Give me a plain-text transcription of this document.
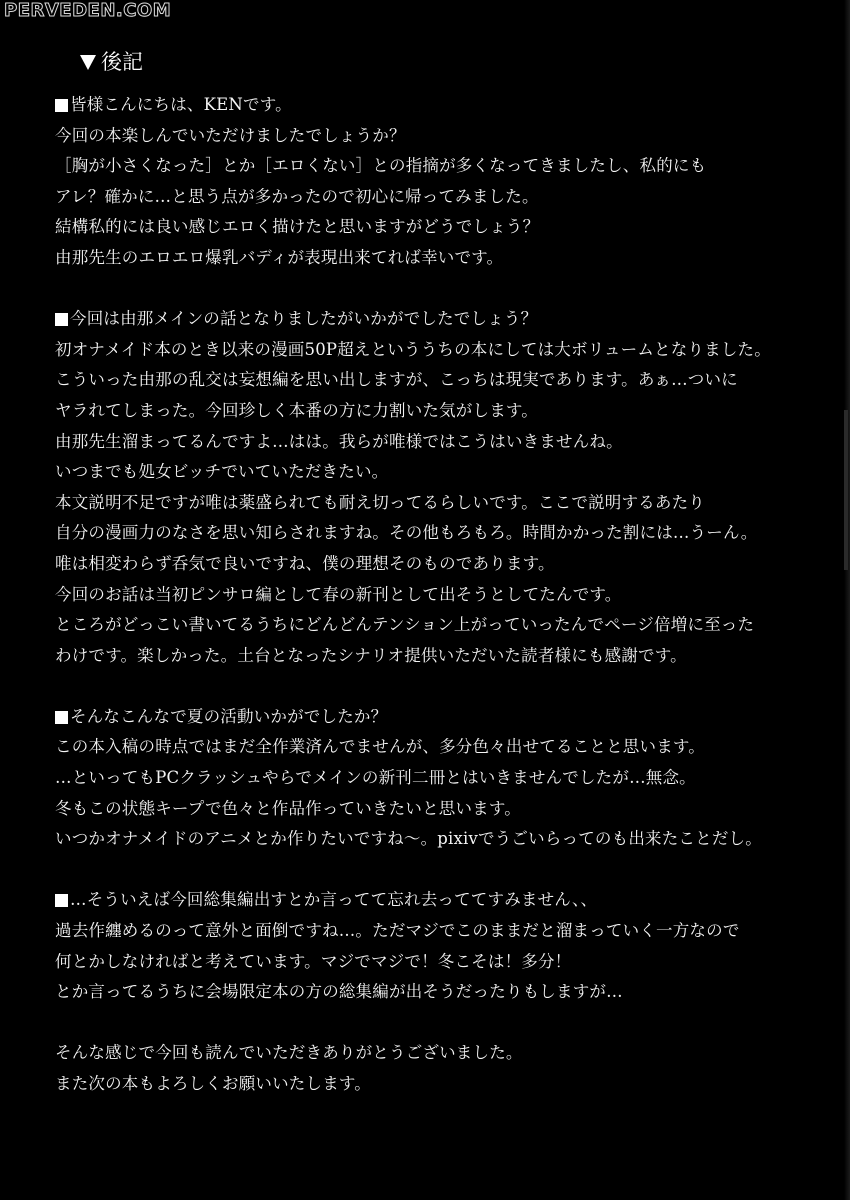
PERVEDEN.COM
後記
皆様こんにちは、KENです。
今回の本楽しんでいただけましたでしょうか？
［胸が小さくなった］とか［エロくない］との指摘が多くなってきましたし、私的にも
アレ？確かに…と思う点が多かったので初心に帰ってみました。
結構私的には良い感じエロく描けたと思いますがどうでしょう？
由那先生のエロエロ爆乳バディが表現出来てれば幸いです。
今回は由那メインの話となりましたがいかがでしたでしょう？
初オナメイド本のとき以来の漫画50P超えといううちの本にしては大ボリュームとなりました。
こういった由那の乱交は妄想編を思い出しますが、こっちは現実であります。あぁ…ついに
ヤラれてしまった。今回珍しく本番の方に力割いた気がします。
由那先生溜まってるんですよ…はは。我らが唯様ではこうはいきませんね。
いつまでも処女ビッチでいていただきたい。
本文説明不足ですが唯は薬盛られても耐え切ってるらしいです。ここで説明するあたり
自分の漫画力のなさを思い知らされますね。その他もろもろ。時間かかった割には…うーん。
唯は相変わらず呑気で良いですね、僕の理想そのものであります。
今回のお話は当初ピンサロ編として春の新刊として出そうとしてたんです。
ところがどっこい書いてるうちにどんどんテンション上がっていったんでページ倍増に至った
わけです。楽しかった。土台となったシナリオ提供いただいた読者様にも感謝です。
そんなこんなで夏の活動いかがでしたか？
この本入稿の時点ではまだ全作業済んでませんが、多分色々出せてることと思います。
…といってもPCクラッシュやらでメインの新刊二冊とはいきませんでしたが…無念。
冬もこの状態キープで色々と作品作っていきたいと思います。
いつかオナメイドのアニメとか作りたいですね～。pixivでうごいらってのも出来たことだし。
…そういえば今回総集編出すとか言ってて忘れ去っててすみません、、
過去作纏めるのって意外と面倒ですね…。ただマジでこのままだと溜まっていく一方なので
何とかしなければと考えています。マジでマジで！冬こそは！多分！
とか言ってるうちに会場限定本の方の総集編が出そうだったりもしますが…
そんな感じで今回も読んでいただきありがとうございました。
また次の本もよろしくお願いいたします。
